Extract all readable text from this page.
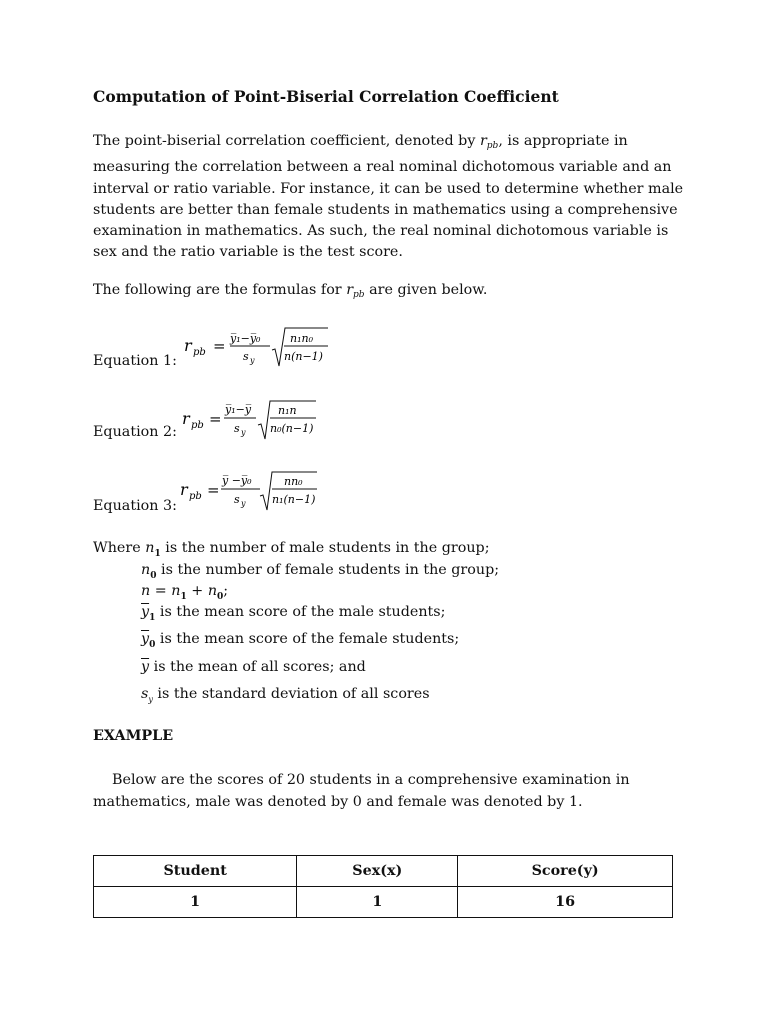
Computation of Point-Biserial Correlation Coefficient

The point-biserial correlation coefficient, denoted by $r_{pb}$, is appropriate in

measuring the correlation between a real nominal dichotomous variable and an

interval or ratio variable. For instance, it can be used to determine whether male

students are better than female students in mathematics using a comprehensive

examination in mathematics. As such, the real nominal dichotomous variable is

sex and the ratio variable is the test score.

The following are the formulas for $r_{pb}$ are given below.
Equation 1:
r pb = y̅₁−y̅₀
s y
n₁n₀
n(n−1)
Equation 2:
r pb =
y̅₁−y̅
s y
n₁n
n₀(n−1)
Equation 3:
r pb =
y̅ −y̅₀
s y
nn₀
n₁(n−1)
Where $n_1$ is the number of male students in the group;
$n_0$ is the number of female students in the group;
$n = n_1 + n_0$;
$\overline{y}_1$ is the mean score of the male students;
$\overline{y}_0$ is the mean score of the female students;
$\overline{y}$ is the mean of all scores; and
$s_y$ is the standard deviation of all scores
EXAMPLE

Below are the scores of 20 students in a comprehensive examination in

mathematics, male was denoted by 0 and female was denoted by 1.

Student	Sex(x)	Score(y)
1	1	16
